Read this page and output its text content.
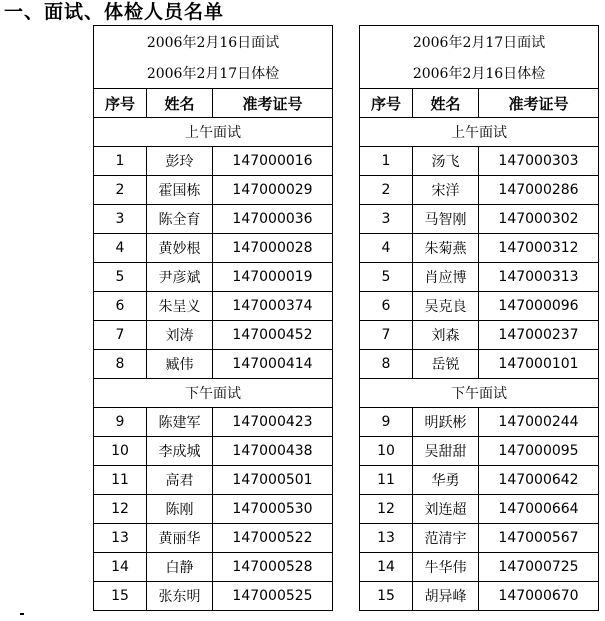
一、面试、体检人员名单
2006年2月16日面试		
2006年2月17日体检		
序号	姓名	准考证号
上午面试		
1	彭玲	147000016
2	霍国栋	147000029
3	陈全育	147000036
4	黄妙根	147000028
5	尹彦斌	147000019
6	朱呈义	147000374
7	刘涛	147000452
8	臧伟	147000414
下午面试		
9	陈建军	147000423
10	李成城	147000438
11	高君	147000501
12	陈刚	147000530
13	黄丽华	147000522
14	白静	147000528
15	张东明	147000525
2006年2月17日面试		
2006年2月16日体检		
序号	姓名	准考证号
上午面试		
1	汤飞	147000303
2	宋洋	147000286
3	马智刚	147000302
4	朱菊燕	147000312
5	肖应博	147000313
6	吴克良	147000096
7	刘森	147000237
8	岳锐	147000101
下午面试		
9	明跃彬	147000244
10	吴甜甜	147000095
11	华勇	147000642
12	刘连超	147000664
13	范清宇	147000567
14	牛华伟	147000725
15	胡异峰	147000670
